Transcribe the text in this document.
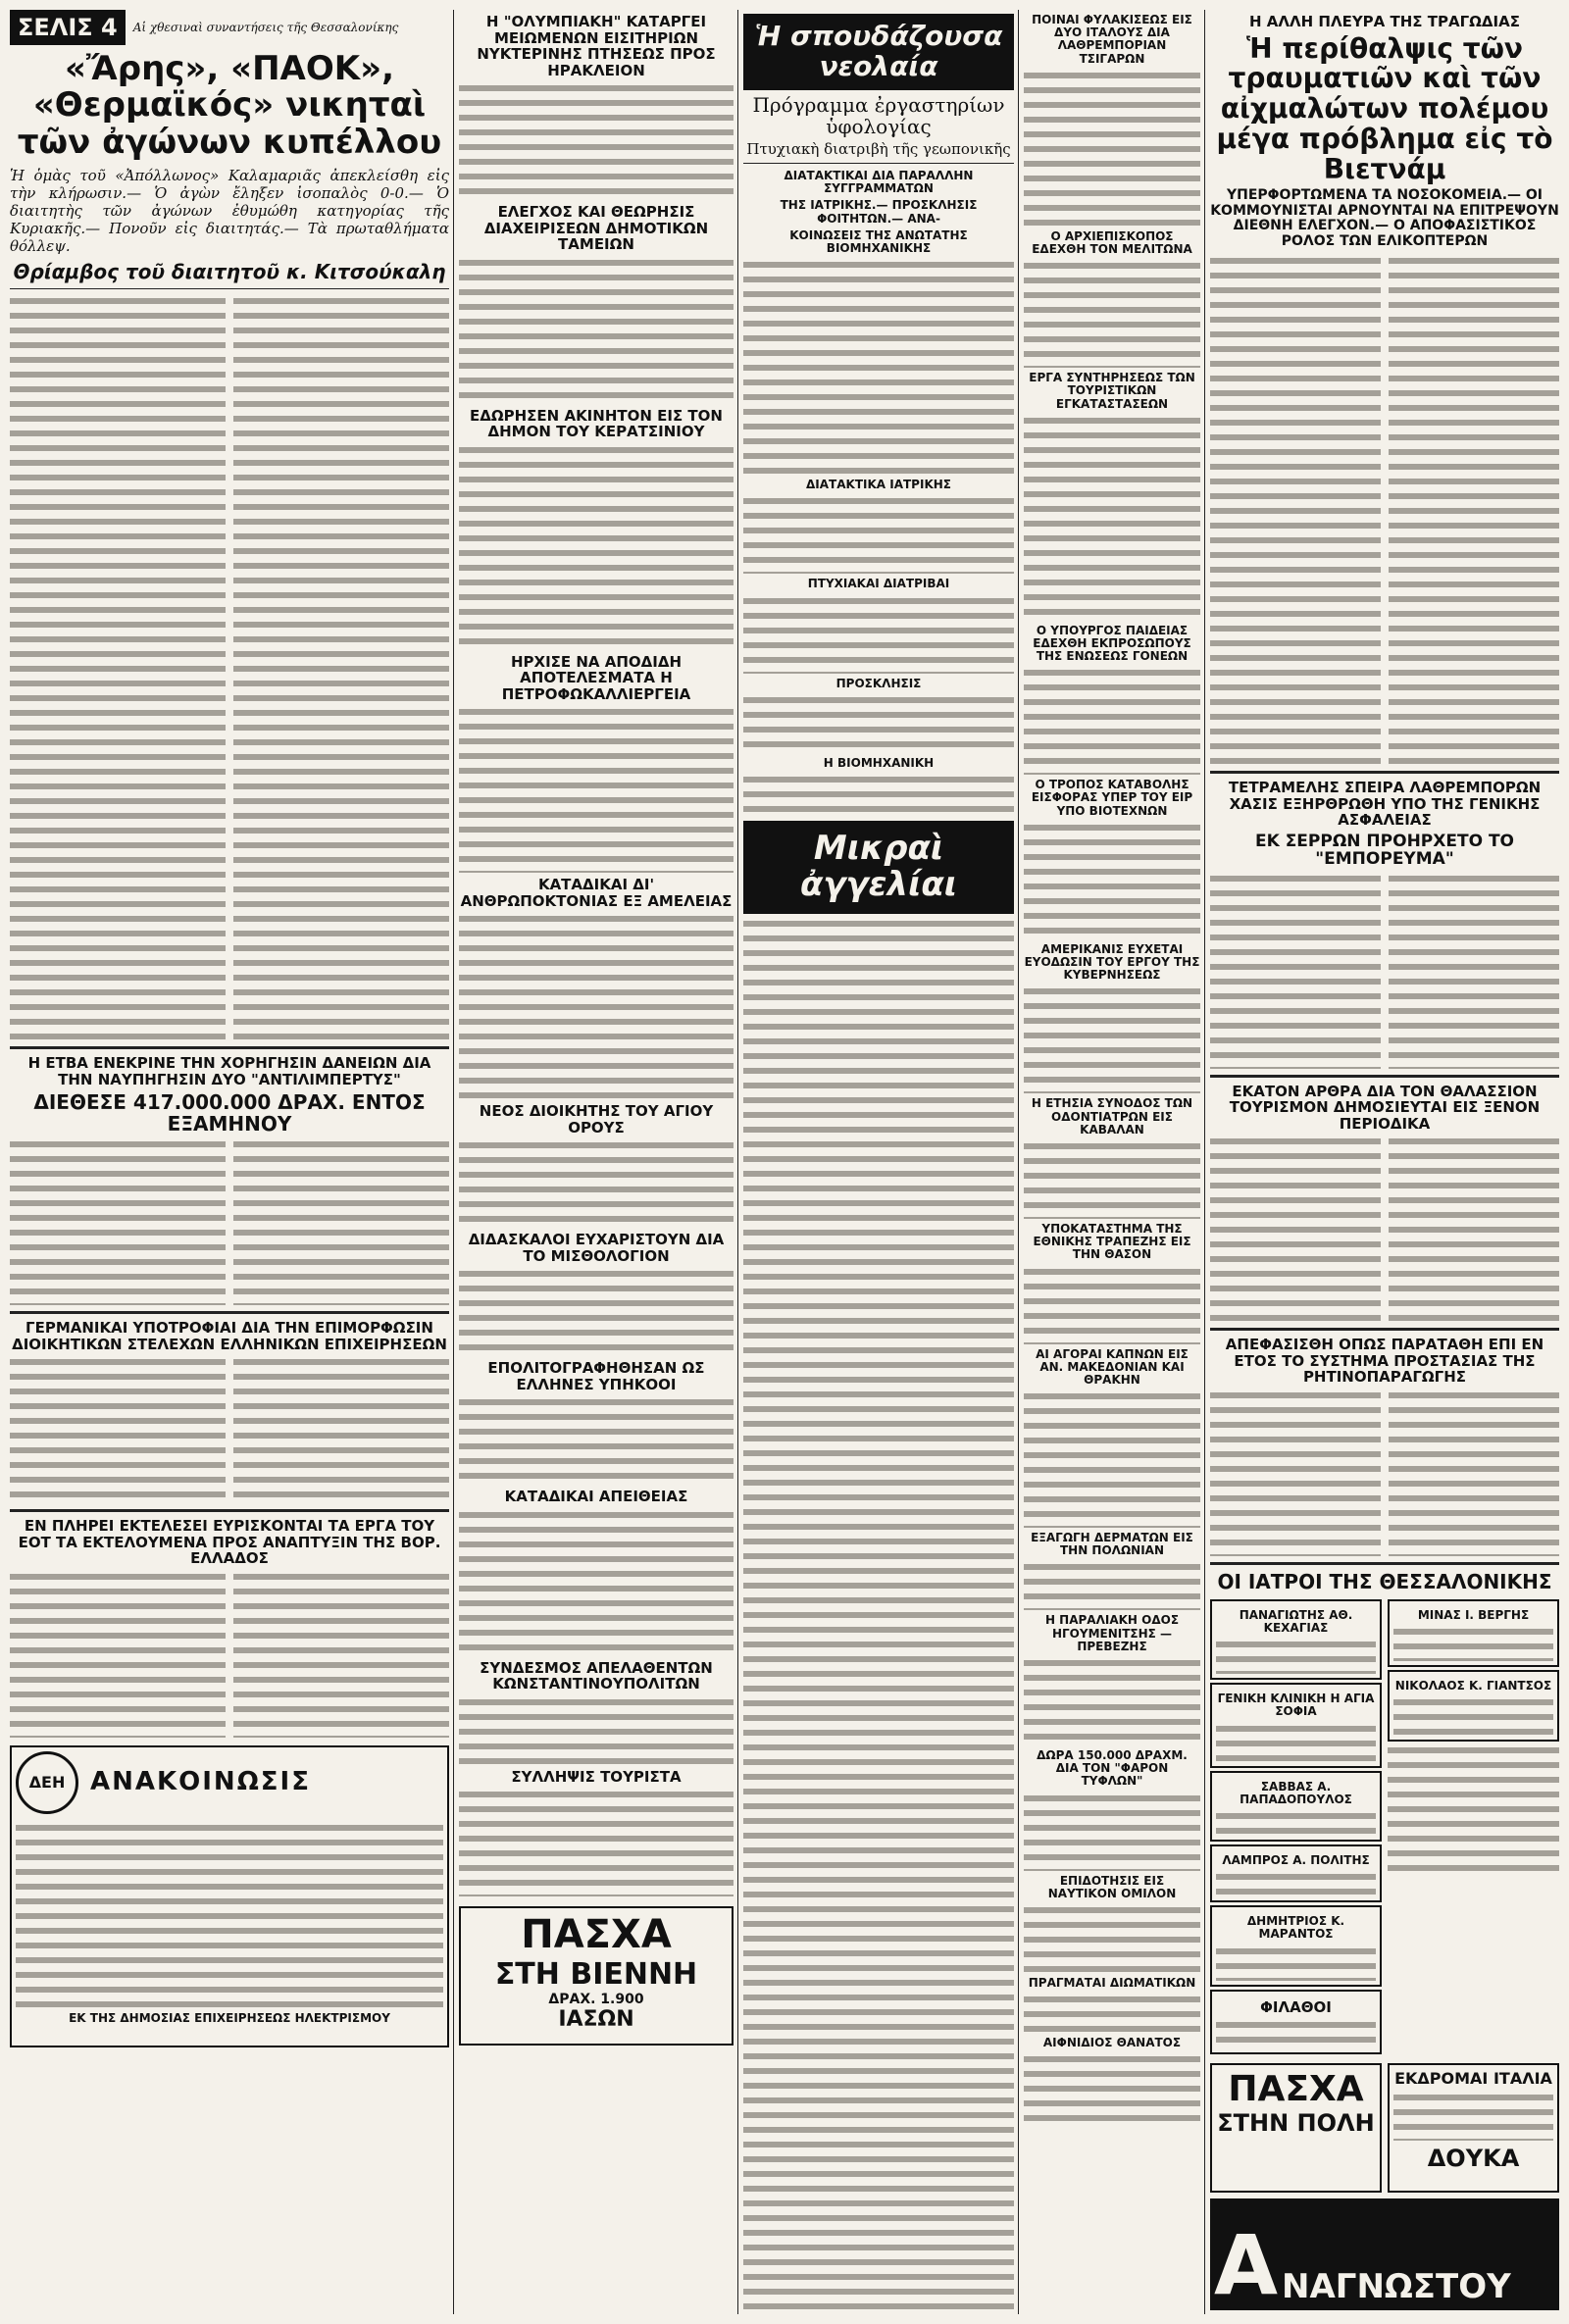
ΣΕΛΙΣ 4	Αἱ χθεσιναὶ συναντήσεις τῆς Θεσσαλονίκης
«Ἄρης», «ΠΑΟΚ», «Θερμαϊκός» νικηταὶ τῶν ἀγώνων κυπέλλου
Ἡ ὁμὰς τοῦ «Ἀπόλλωνος» Καλαμαριᾶς ἀπεκλείσθη εἰς τὴν κλήρωσιν.— Ὁ ἀγὼν ἔληξεν ἰσοπαλὸς 0-0.— Ὁ διαιτητὴς τῶν ἀγώνων ἐθυμώθη κατηγορίας τῆς Κυριακῆς.— Πονοῦν εἰς διαιτητάς.— Τὰ πρωταθλήματα θόλλεψ.
Θρίαμβος τοῦ διαιτητοῦ κ. Κιτσούκαλη
Η ΕΤΒΑ ΕΝΕΚΡΙΝΕ ΤΗΝ ΧΟΡΗΓΗΣΙΝ ΔΑΝΕΙΩΝ ΔΙΑ ΤΗΝ ΝΑΥΠΗΓΗΣΙΝ ΔΥΟ "ΑΝΤΙΛΙΜΠΕΡΤΥΣ"
ΔΙΕΘΕΣΕ 417.000.000 ΔΡΑΧ. ΕΝΤΟΣ ΕΞΑΜΗΝΟΥ
ΓΕΡΜΑΝΙΚΑΙ ΥΠΟΤΡΟΦΙΑΙ ΔΙΑ ΤΗΝ ΕΠΙΜΟΡΦΩΣΙΝ ΔΙΟΙΚΗΤΙΚΩΝ ΣΤΕΛΕΧΩΝ ΕΛΛΗΝΙΚΩΝ ΕΠΙΧΕΙΡΗΣΕΩΝ
ΕΝ ΠΛΗΡΕΙ ΕΚΤΕΛΕΣΕΙ ΕΥΡΙΣΚΟΝΤΑΙ ΤΑ ΕΡΓΑ ΤΟΥ ΕΟΤ ΤΑ ΕΚΤΕΛΟΥΜΕΝΑ ΠΡΟΣ ΑΝΑΠΤΥΞΙΝ ΤΗΣ ΒΟΡ. ΕΛΛΑΔΟΣ
ΔΕΗ ΑΝΑΚΟΙΝΩΣΙΣ
ΕΚ ΤΗΣ ΔΗΜΟΣΙΑΣ ΕΠΙΧΕΙΡΗΣΕΩΣ ΗΛΕΚΤΡΙΣΜΟΥ
Η "ΟΛΥΜΠΙΑΚΗ" ΚΑΤΑΡΓΕΙ ΜΕΙΩΜΕΝΩΝ ΕΙΣΙΤΗΡΙΩΝ ΝΥΚΤΕΡΙΝΗΣ ΠΤΗΣΕΩΣ ΠΡΟΣ ΗΡΑΚΛΕΙΟΝ
ΕΛΕΓΧΟΣ ΚΑΙ ΘΕΩΡΗΣΙΣ ΔΙΑΧΕΙΡΙΣΕΩΝ ΔΗΜΟΤΙΚΩΝ ΤΑΜΕΙΩΝ
ΕΔΩΡΗΣΕΝ ΑΚΙΝΗΤΟΝ ΕΙΣ ΤΟΝ ΔΗΜΟΝ ΤΟΥ ΚΕΡΑΤΣΙΝΙΟΥ
ΗΡΧΙΣΕ ΝΑ ΑΠΟΔΙΔΗ ΑΠΟΤΕΛΕΣΜΑΤΑ Η ΠΕΤΡΟΦΩΚΑΛΛΙΕΡΓΕΙΑ
ΚΑΤΑΔΙΚΑΙ ΔΙ' ΑΝΘΡΩΠΟΚΤΟΝΙΑΣ ΕΞ ΑΜΕΛΕΙΑΣ
ΝΕΟΣ ΔΙΟΙΚΗΤΗΣ ΤΟΥ ΑΓΙΟΥ ΟΡΟΥΣ
ΔΙΔΑΣΚΑΛΟΙ ΕΥΧΑΡΙΣΤΟΥΝ ΔΙΑ ΤΟ ΜΙΣΘΟΛΟΓΙΟΝ
ΕΠΟΛΙΤΟΓΡΑΦΗΘΗΣΑΝ ΩΣ ΕΛΛΗΝΕΣ ΥΠΗΚΟΟΙ
ΚΑΤΑΔΙΚΑΙ ΑΠΕΙΘΕΙΑΣ
ΣΥΝΔΕΣΜΟΣ ΑΠΕΛΑΘΕΝΤΩΝ ΚΩΝΣΤΑΝΤΙΝΟΥΠΟΛΙΤΩΝ
ΣΥΛΛΗΨΙΣ ΤΟΥΡΙΣΤΑ
ΠΑΣΧΑ
ΣΤΗ ΒΙΕΝΝΗ
ΔΡΑΧ. 1.900
ΙΑΣΩΝ
Ἡ σπουδάζουσα νεολαία
Πρόγραμμα ἐργαστηρίων ὑφολογίας
Πτυχιακὴ διατριβὴ τῆς γεωπονικῆς
ΔΙΑΤΑΚΤΙΚΑΙ ΔΙΑ ΠΑΡΑΛΛΗΝ ΣΥΓΓΡΑΜΜΑΤΩΝ
ΤΗΣ ΙΑΤΡΙΚΗΣ.— ΠΡΟΣΚΛΗΣΙΣ ΦΟΙΤΗΤΩΝ.— ΑΝΑ-
ΚΟΙΝΩΣΕΙΣ ΤΗΣ ΑΝΩΤΑΤΗΣ ΒΙΟΜΗΧΑΝΙΚΗΣ
ΔΙΑΤΑΚΤΙΚΑ ΙΑΤΡΙΚΗΣ
ΠΤΥΧΙΑΚΑΙ ΔΙΑΤΡΙΒΑΙ
ΠΡΟΣΚΛΗΣΙΣ
Η ΒΙΟΜΗΧΑΝΙΚΗ
Μικραὶ ἀγγελίαι
ΠΟΙΝΑΙ ΦΥΛΑΚΙΣΕΩΣ ΕΙΣ ΔΥΟ ΙΤΑΛΟΥΣ ΔΙΑ ΛΑΘΡΕΜΠΟΡΙΑΝ ΤΣΙΓΑΡΩΝ
Ο ΑΡΧΙΕΠΙΣΚΟΠΟΣ ΕΔΕΧΘΗ ΤΟΝ ΜΕΛΙΤΩΝΑ
ΕΡΓΑ ΣΥΝΤΗΡΗΣΕΩΣ ΤΩΝ ΤΟΥΡΙΣΤΙΚΩΝ ΕΓΚΑΤΑΣΤΑΣΕΩΝ
Ο ΥΠΟΥΡΓΟΣ ΠΑΙΔΕΙΑΣ ΕΔΕΧΘΗ ΕΚΠΡΟΣΩΠΟΥΣ ΤΗΣ ΕΝΩΣΕΩΣ ΓΟΝΕΩΝ
Ο ΤΡΟΠΟΣ ΚΑΤΑΒΟΛΗΣ ΕΙΣΦΟΡΑΣ ΥΠΕΡ ΤΟΥ ΕΙΡ ΥΠΟ ΒΙΟΤΕΧΝΩΝ
ΑΜΕΡΙΚΑΝΙΣ ΕΥΧΕΤΑΙ ΕΥΟΔΩΣΙΝ ΤΟΥ ΕΡΓΟΥ ΤΗΣ ΚΥΒΕΡΝΗΣΕΩΣ
Η ΕΤΗΣΙΑ ΣΥΝΟΔΟΣ ΤΩΝ ΟΔΟΝΤΙΑΤΡΩΝ ΕΙΣ ΚΑΒΑΛΑΝ
ΥΠΟΚΑΤΑΣΤΗΜΑ ΤΗΣ ΕΘΝΙΚΗΣ ΤΡΑΠΕΖΗΣ ΕΙΣ ΤΗΝ ΘΑΣΟΝ
ΑΙ ΑΓΟΡΑΙ ΚΑΠΝΩΝ ΕΙΣ ΑΝ. ΜΑΚΕΔΟΝΙΑΝ ΚΑΙ ΘΡΑΚΗΝ
ΕΞΑΓΩΓΗ ΔΕΡΜΑΤΩΝ ΕΙΣ ΤΗΝ ΠΟΛΩΝΙΑΝ
Η ΠΑΡΑΛΙΑΚΗ ΟΔΟΣ ΗΓΟΥΜΕΝΙΤΣΗΣ — ΠΡΕΒΕΖΗΣ
ΔΩΡΑ 150.000 ΔΡΑΧΜ. ΔΙΑ ΤΟΝ "ΦΑΡΟΝ ΤΥΦΛΩΝ"
ΕΠΙΔΟΤΗΣΙΣ ΕΙΣ ΝΑΥΤΙΚΟΝ ΟΜΙΛΟΝ
ΠΡΑΓΜΑΤΑΙ ΔΙΩΜΑΤΙΚΩΝ
ΑΙΦΝΙΔΙΟΣ ΘΑΝΑΤΟΣ
Η ΑΛΛΗ ΠΛΕΥΡΑ ΤΗΣ ΤΡΑΓΩΔΙΑΣ
Ἡ περίθαλψις τῶν τραυματιῶν καὶ τῶν αἰχμαλώτων πολέμου μέγα πρόβλημα εἰς τὸ Βιετνάμ
ΥΠΕΡΦΟΡΤΩΜΕΝΑ ΤΑ ΝΟΣΟΚΟΜΕΙΑ.— ΟΙ ΚΟΜΜΟΥΝΙΣΤΑΙ ΑΡΝΟΥΝΤΑΙ ΝΑ ΕΠΙΤΡΕΨΟΥΝ ΔΙΕΘΝΗ ΕΛΕΓΧΟΝ.— Ο ΑΠΟΦΑΣΙΣΤΙΚΟΣ ΡΟΛΟΣ ΤΩΝ ΕΛΙΚΟΠΤΕΡΩΝ
ΤΕΤΡΑΜΕΛΗΣ ΣΠΕΙΡΑ ΛΑΘΡΕΜΠΟΡΩΝ ΧΑΣΙΣ ΕΞΗΡΘΡΩΘΗ ΥΠΟ ΤΗΣ ΓΕΝΙΚΗΣ ΑΣΦΑΛΕΙΑΣ
ΕΚ ΣΕΡΡΩΝ ΠΡΟΗΡΧΕΤΟ ΤΟ "ΕΜΠΟΡΕΥΜΑ"
ΕΚΑΤΟΝ ΑΡΘΡΑ ΔΙΑ ΤΟΝ ΘΑΛΑΣΣΙΟΝ ΤΟΥΡΙΣΜΟΝ ΔΗΜΟΣΙΕΥΤΑΙ ΕΙΣ ΞΕΝΟΝ ΠΕΡΙΟΔΙΚΑ
ΑΠΕΦΑΣΙΣΘΗ ΟΠΩΣ ΠΑΡΑΤΑΘΗ ΕΠΙ ΕΝ ΕΤΟΣ ΤΟ ΣΥΣΤΗΜΑ ΠΡΟΣΤΑΣΙΑΣ ΤΗΣ ΡΗΤΙΝΟΠΑΡΑΓΩΓΗΣ
ΟΙ ΙΑΤΡΟΙ ΤΗΣ ΘΕΣΣΑΛΟΝΙΚΗΣ
ΠΑΝΑΓΙΩΤΗΣ ΑΘ. ΚΕΧΑΓΙΑΣ
ΓΕΝΙΚΗ ΚΛΙΝΙΚΗ Η ΑΓΙΑ ΣΟΦΙΑ
ΣΑΒΒΑΣ Α. ΠΑΠΑΔΟΠΟΥΛΟΣ
ΛΑΜΠΡΟΣ Α. ΠΟΛΙΤΗΣ
ΔΗΜΗΤΡΙΟΣ Κ. ΜΑΡΑΝΤΟΣ
ΦΙΛΑΘΟΙ
ΜΙΝΑΣ Ι. ΒΕΡΓΗΣ
ΝΙΚΟΛΑΟΣ Κ. ΓΙΑΝΤΣΟΣ
ΠΑΣΧΑ
ΣΤΗΝ ΠΟΛΗ
ΕΚΔΡΟΜΑΙ ΙΤΑΛΙΑ
ΔΟΥΚΑ
Α ΝΑΓΝΩΣΤΟΥ
